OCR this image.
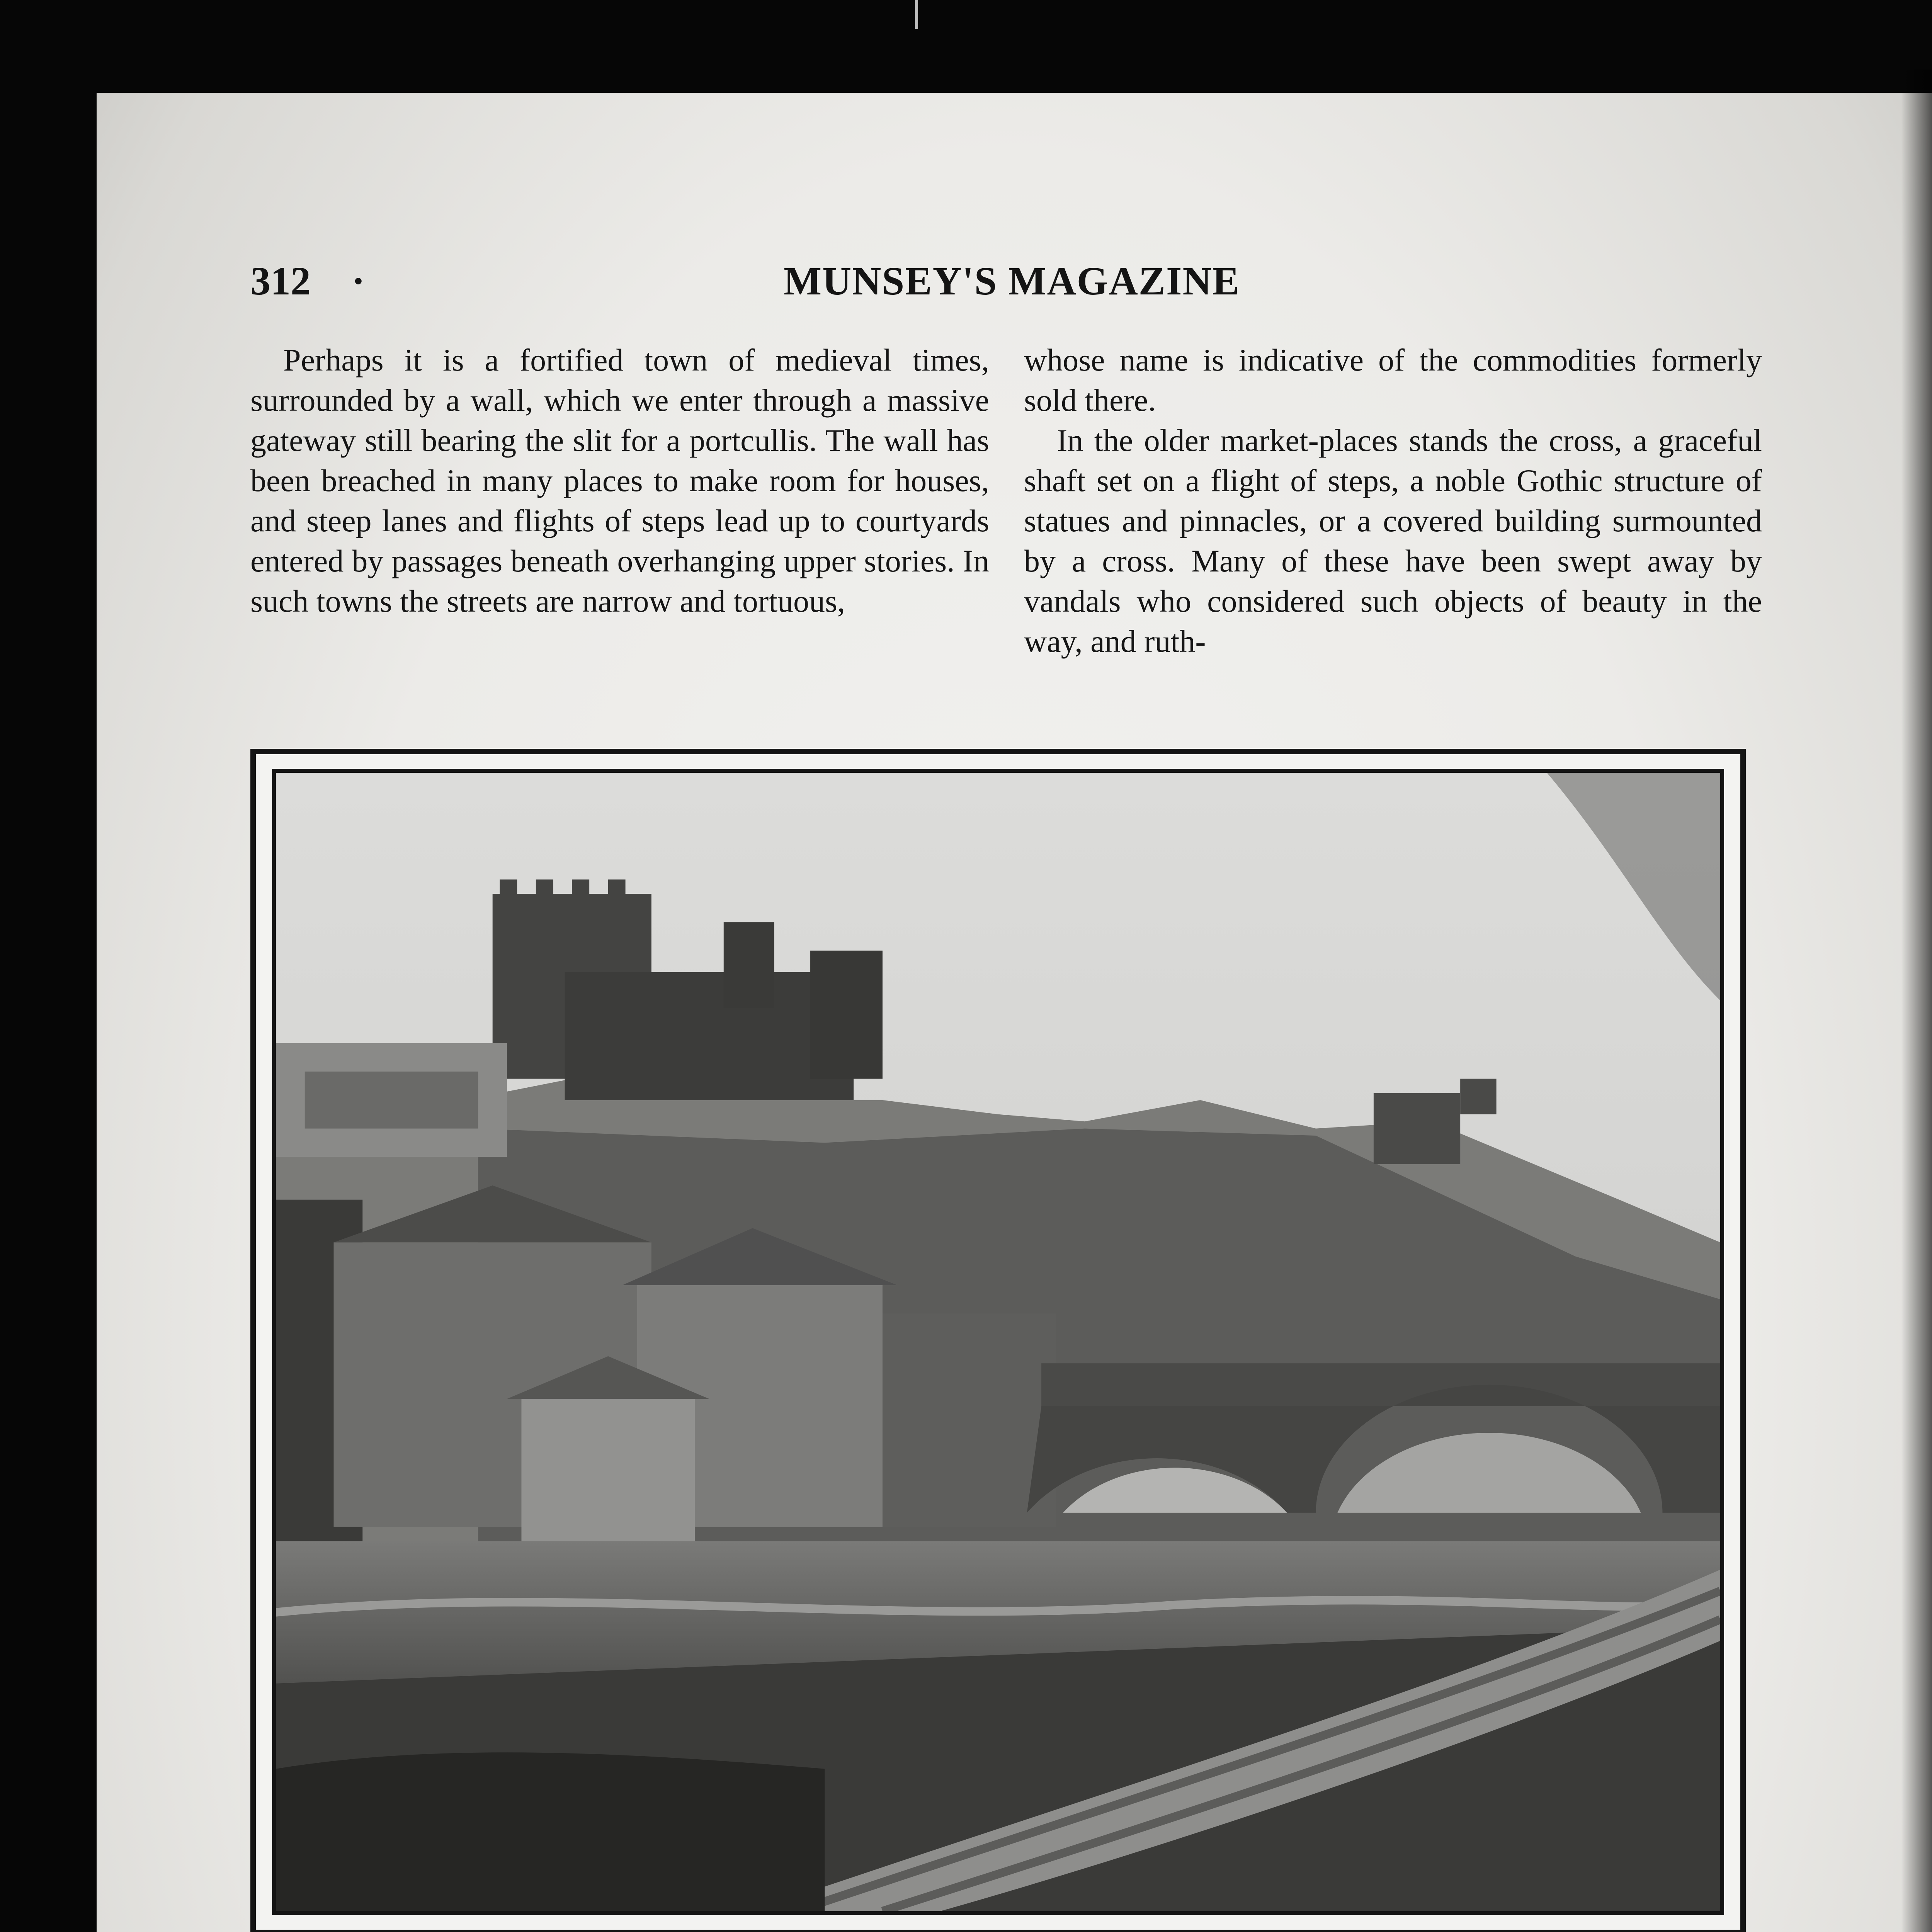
312 ·	MUNSEY'S MAGAZINE

Perhaps it is a fortified town of medieval times, surrounded by a wall, which we enter through a massive gateway still bearing the slit for a portcullis. The wall has been breached in many places to make room for houses, and steep lanes and flights of steps lead up to courtyards entered by passages beneath overhanging upper stories. In such towns the streets are narrow and tortuous,

whose name is indicative of the commodities formerly sold there.

In the older market-places stands the cross, a graceful shaft set on a flight of steps, a noble Gothic structure of statues and pinnacles, or a covered building surmounted by a cross. Many of these have been swept away by vandals who considered such objects of beauty in the way, and ruth-
